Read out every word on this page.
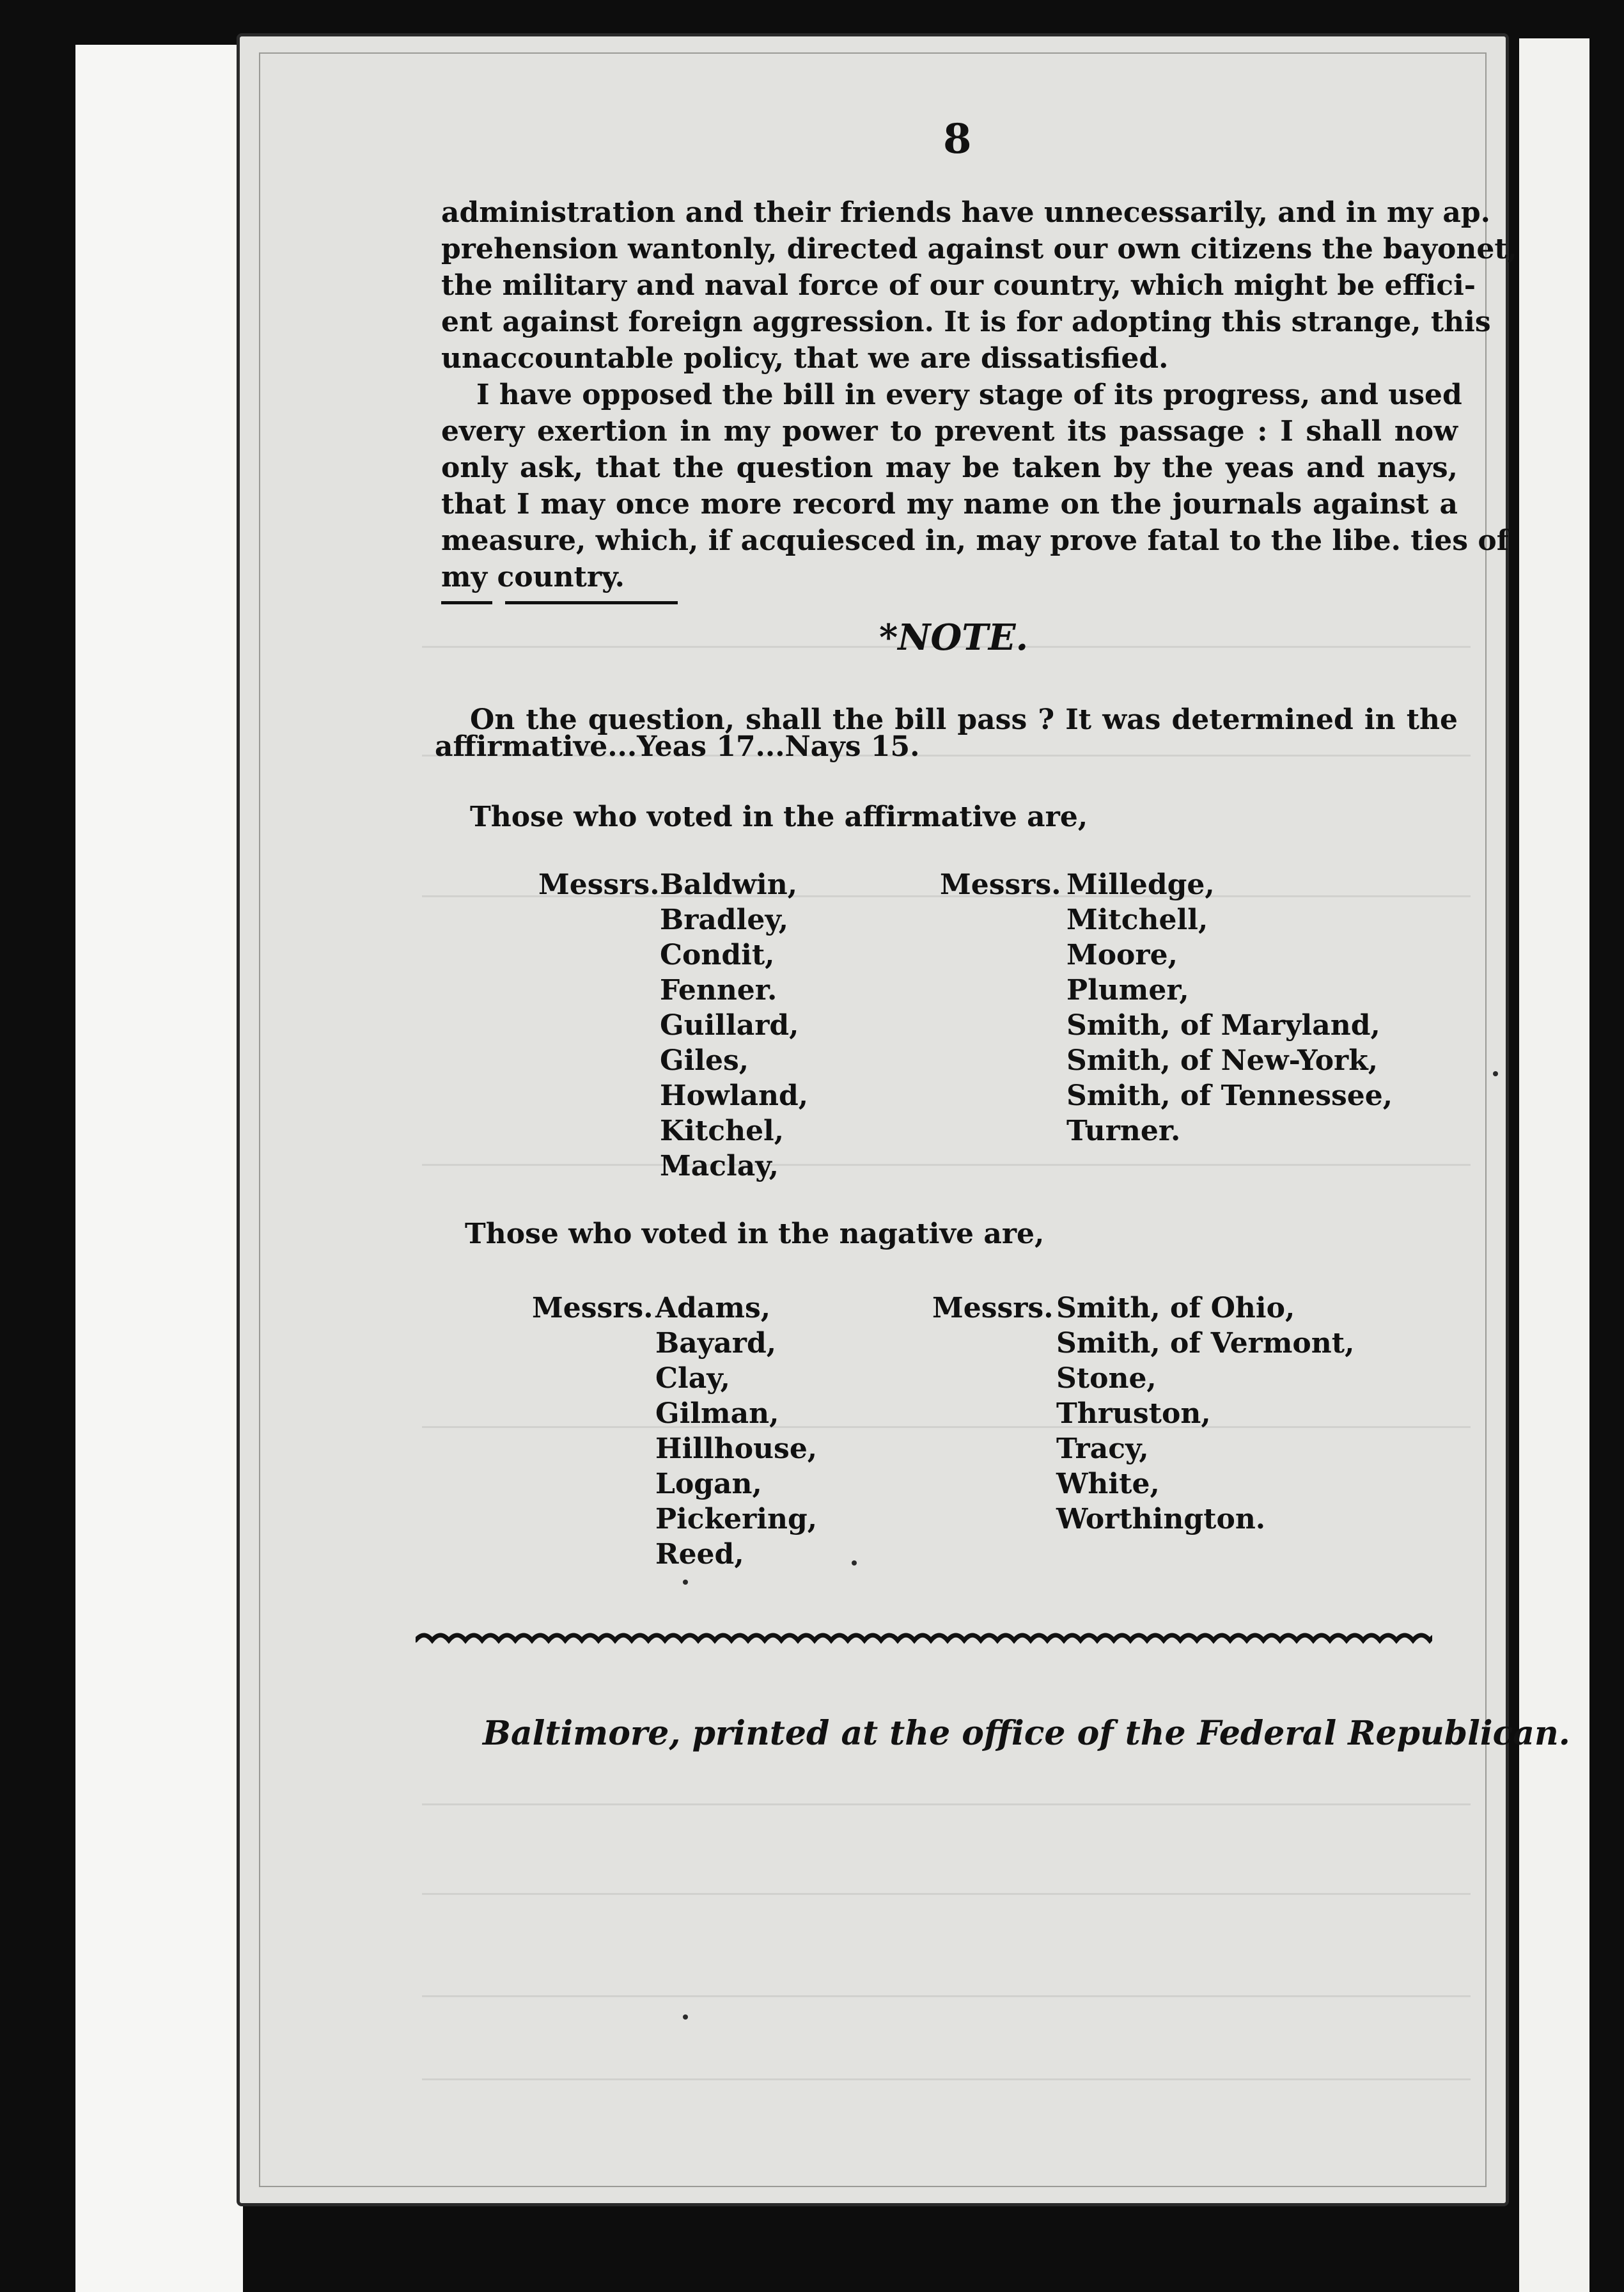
8
administration and their friends have unnecessarily, and in my ap.
prehension wantonly, directed against our own citizens the bayonet,
the military and naval force of our country, which might be effici-
ent against foreign aggression. It is for adopting this strange, this
unaccountable policy, that we are dissatisfied.
I have opposed the bill in every stage of its progress, and used
every exertion in my power to prevent its passage : I shall now
only ask, that the question may be taken by the yeas and nays,
that I may once more record my name on the journals against a
measure, which, if acquiesced in, may prove fatal to the libe. ties of
my country.
*NOTE.
On the question, shall the bill pass ? It was determined in the
affirmative...Yeas 17...Nays 15.
Those who voted in the affirmative are,
Messrs.	Messrs.
Baldwin,
Bradley,
Condit,
Fenner.
Guillard,
Giles,
Howland,
Kitchel,
Maclay,
Milledge,
Mitchell,
Moore,
Plumer,
Smith, of Maryland,
Smith, of New-York,
Smith, of Tennessee,
Turner.
Those who voted in the nagative are,
Messrs.	Messrs.
Adams,
Bayard,
Clay,
Gilman,
Hillhouse,
Logan,
Pickering,
Reed,
Smith, of Ohio,
Smith, of Vermont,
Stone,
Thruston,
Tracy,
White,
Worthington.
Baltimore, printed at the office of the Federal Republican.
